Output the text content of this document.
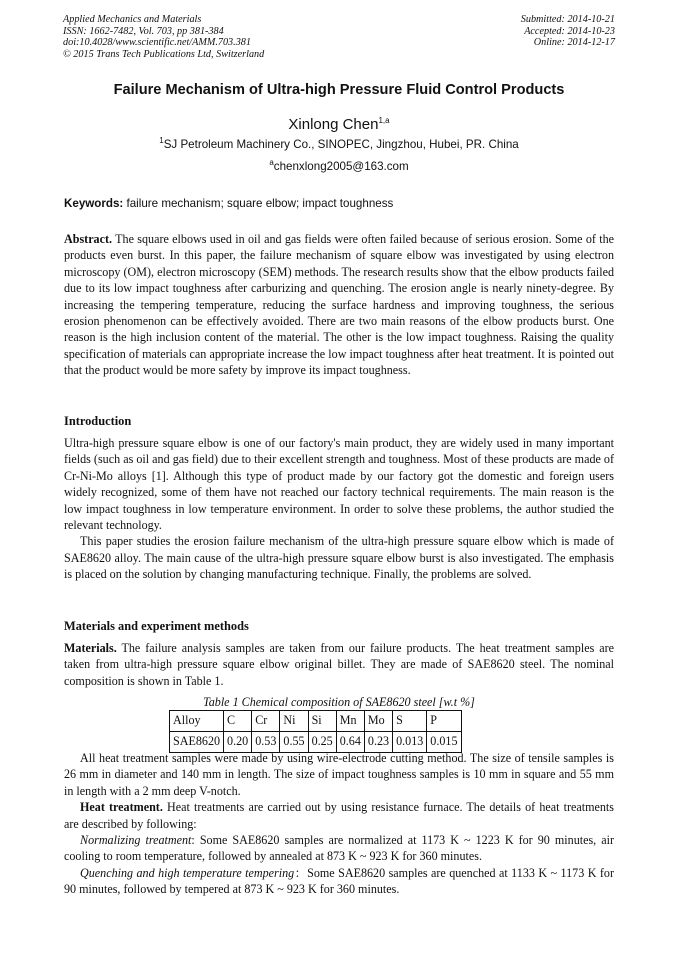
Applied Mechanics and Materials
ISSN: 1662-7482, Vol. 703, pp 381-384
doi:10.4028/www.scientific.net/AMM.703.381
© 2015 Trans Tech Publications Ltd, Switzerland
Submitted: 2014-10-21
Accepted: 2014-10-23
Online: 2014-12-17
Failure Mechanism of Ultra-high Pressure Fluid Control Products
Xinlong Chen$^{1,a}$
$^1$SJ Petroleum Machinery Co., SINOPEC, Jingzhou, Hubei, PR. China
$^a$chenxlong2005@163.com
Keywords: failure mechanism; square elbow; impact toughness

Abstract. The square elbows used in oil and gas fields were often failed because of serious erosion. Some of the products even burst. In this paper, the failure mechanism of square elbow was investigated by using electron microscopy (OM), electron microscopy (SEM) methods. The research results show that the elbow products failed due to its low impact toughness after carburizing and quenching. The erosion angle is nearly ninety-degree. By increasing the tempering temperature, reducing the surface hardness and improving toughness, the serious erosion phenomenon can be effectively avoided. There are two main reasons of the elbow products burst. One reason is the high inclusion content of the material. The other is the low impact toughness. Raising the quality specification of materials can appropriate increase the low impact toughness after heat treatment. It is pointed out that the product would be more safety by improve its impact toughness.

Introduction

Ultra-high pressure square elbow is one of our factory's main product, they are widely used in many important fields (such as oil and gas field) due to their excellent strength and toughness. Most of these products are made of Cr-Ni-Mo alloys [1]. Although this type of product made by our factory got the domestic and foreign users widely recognized, some of them have not reached our factory technical requirements. The main reason is the low impact toughness in low temperature environment. In order to solve these problems, the author studied the relevant technology.

This paper studies the erosion failure mechanism of the ultra-high pressure square elbow which is made of SAE8620 alloy. The main cause of the ultra-high pressure square elbow burst is also investigated. The emphasis is placed on the solution by changing manufacturing technique. Finally, the problems are solved.

Materials and experiment methods

Materials. The failure analysis samples are taken from our failure products. The heat treatment samples are taken from ultra-high pressure square elbow original billet. They are made of SAE8620 steel. The nominal composition is shown in Table 1.

Table 1 Chemical composition of SAE8620 steel [w.t %]
Alloy	C	Cr	Ni	Si	Mn	Mo	S	P
SAE8620	0.20	0.53	0.55	0.25	0.64	0.23	0.013	0.015

All heat treatment samples were made by using wire-electrode cutting method. The size of tensile samples is 26 mm in diameter and 140 mm in length. The size of impact toughness samples is 10 mm in square and 55 mm in length with a 2 mm deep V-notch.

Heat treatment. Heat treatments are carried out by using resistance furnace. The details of heat treatments are described by following:

Normalizing treatment: Some SAE8620 samples are normalized at 1173 K ~ 1223 K for 90 minutes, air cooling to room temperature, followed by annealed at 873 K ~ 923 K for 360 minutes.

Quenching and high temperature tempering：Some SAE8620 samples are quenched at 1133 K ~ 1173 K for 90 minutes, followed by tempered at 873 K ~ 923 K for 360 minutes.
